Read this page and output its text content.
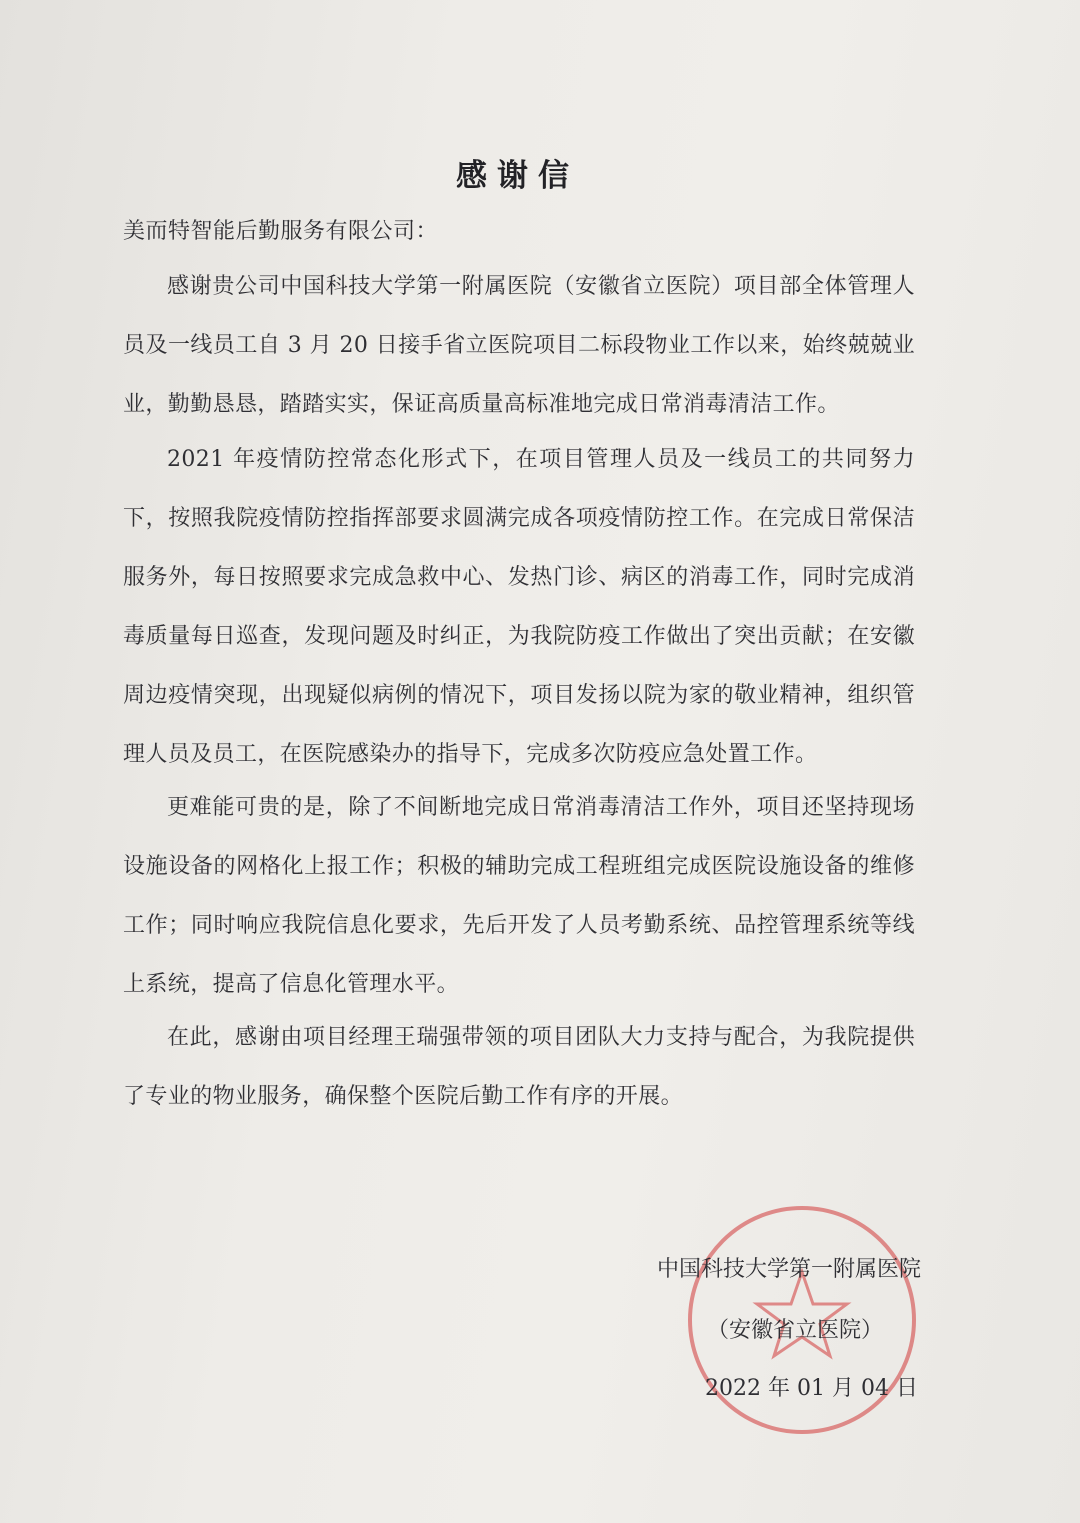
感谢信
美而特智能后勤服务有限公司：
感谢贵公司中国科技大学第一附属医院（安徽省立医院）项目部全体管理人员及一线员工自 3 月 20 日接手省立医院项目二标段物业工作以来，始终兢兢业业，勤勤恳恳，踏踏实实，保证高质量高标准地完成日常消毒清洁工作。
2021 年疫情防控常态化形式下，在项目管理人员及一线员工的共同努力下，按照我院疫情防控指挥部要求圆满完成各项疫情防控工作。在完成日常保洁服务外，每日按照要求完成急救中心、发热门诊、病区的消毒工作，同时完成消毒质量每日巡查，发现问题及时纠正，为我院防疫工作做出了突出贡献；在安徽周边疫情突现，出现疑似病例的情况下，项目发扬以院为家的敬业精神，组织管理人员及员工，在医院感染办的指导下，完成多次防疫应急处置工作。
更难能可贵的是，除了不间断地完成日常消毒清洁工作外，项目还坚持现场设施设备的网格化上报工作；积极的辅助完成工程班组完成医院设施设备的维修工作；同时响应我院信息化要求，先后开发了人员考勤系统、品控管理系统等线上系统，提高了信息化管理水平。
在此，感谢由项目经理王瑞强带领的项目团队大力支持与配合，为我院提供了专业的物业服务，确保整个医院后勤工作有序的开展。
中国科技大学第一附属医院
（安徽省立医院）
2022 年 01 月 04 日
